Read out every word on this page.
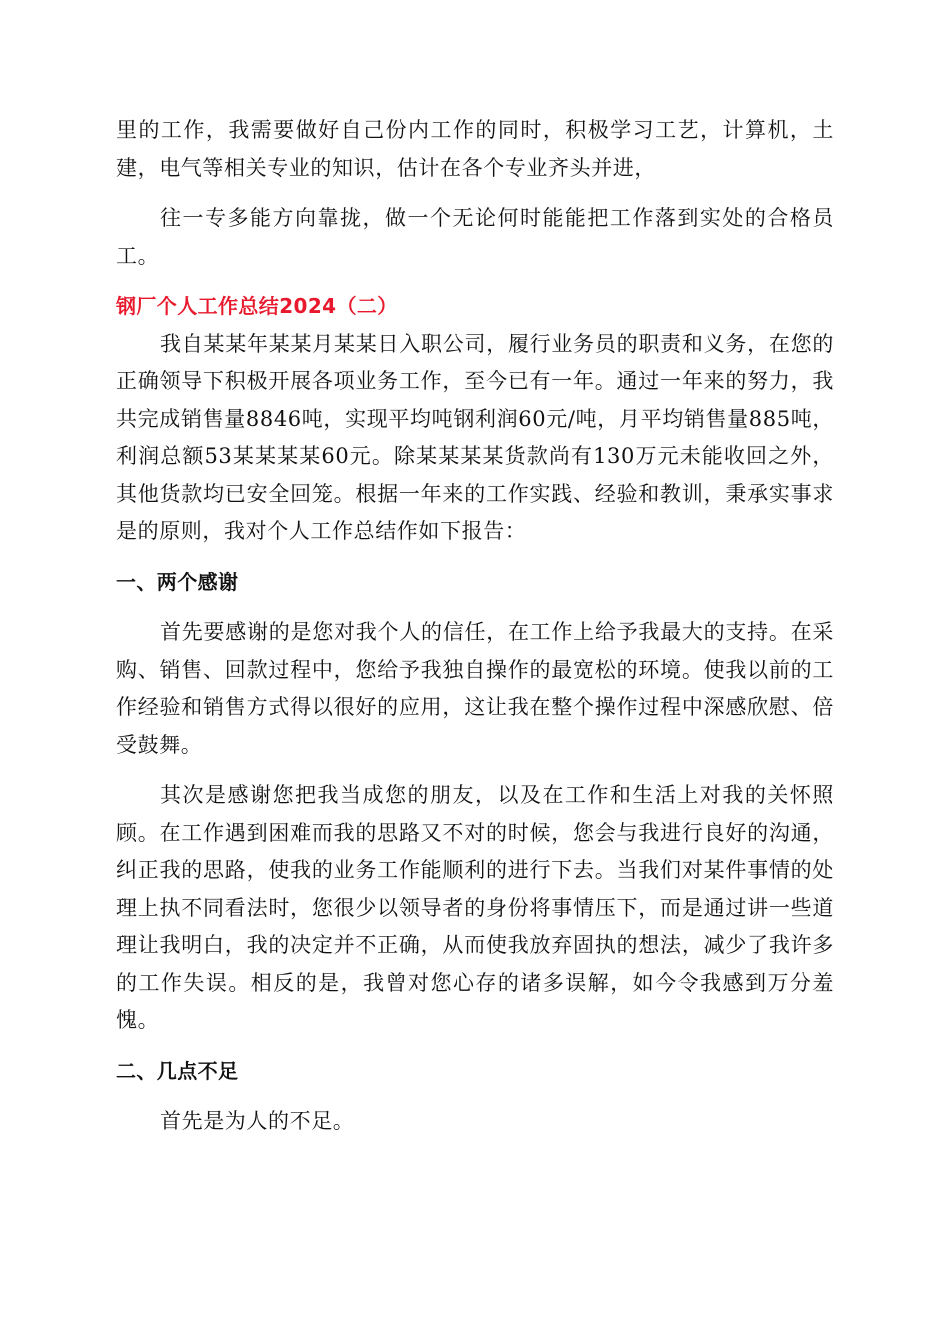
里的工作，我需要做好自己份内工作的同时，积极学习工艺，计算机，土建，电气等相关专业的知识，估计在各个专业齐头并进，

往一专多能方向靠拢，做一个无论何时能能把工作落到实处的合格员工。

钢厂个人工作总结2024（二）

我自某某年某某月某某日入职公司，履行业务员的职责和义务，在您的正确领导下积极开展各项业务工作，至今已有一年。通过一年来的努力，我共完成销售量8846吨，实现平均吨钢利润60元/吨，月平均销售量885吨，利润总额53某某某某60元。除某某某某货款尚有130万元未能收回之外，其他货款均已安全回笼。根据一年来的工作实践、经验和教训，秉承实事求是的原则，我对个人工作总结作如下报告：

一、两个感谢

首先要感谢的是您对我个人的信任，在工作上给予我最大的支持。在采购、销售、回款过程中，您给予我独自操作的最宽松的环境。使我以前的工作经验和销售方式得以很好的应用，这让我在整个操作过程中深感欣慰、倍受鼓舞。

其次是感谢您把我当成您的朋友，以及在工作和生活上对我的关怀照顾。在工作遇到困难而我的思路又不对的时候，您会与我进行良好的沟通，纠正我的思路，使我的业务工作能顺利的进行下去。当我们对某件事情的处理上执不同看法时，您很少以领导者的身份将事情压下，而是通过讲一些道理让我明白，我的决定并不正确，从而使我放弃固执的想法，减少了我许多的工作失误。相反的是，我曾对您心存的诸多误解，如今令我感到万分羞愧。

二、几点不足

首先是为人的不足。
